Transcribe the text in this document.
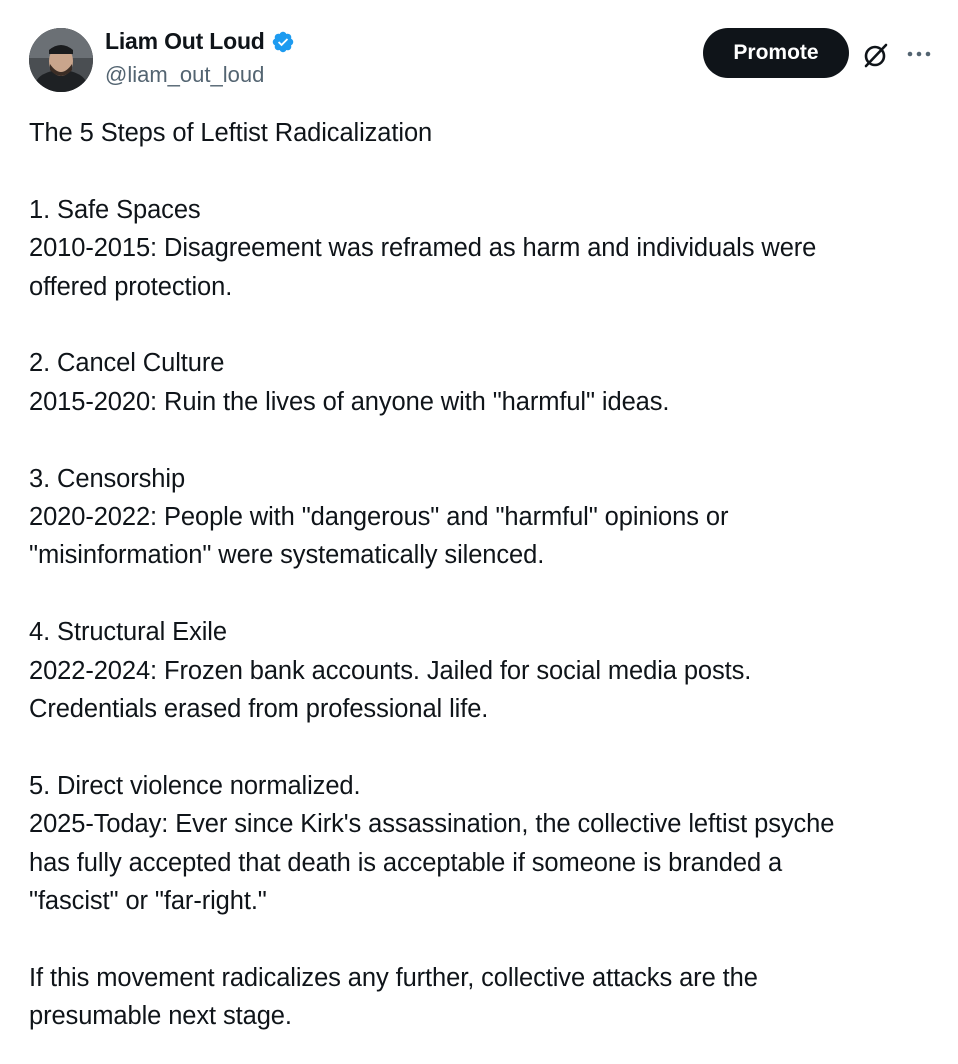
Liam Out Loud
@liam_out_loud
Promote

The 5 Steps of Leftist Radicalization

1. Safe Spaces

2010-2015: Disagreement was reframed as harm and individuals were

offered protection.

2. Cancel Culture

2015-2020: Ruin the lives of anyone with "harmful" ideas.

3. Censorship

2020-2022: People with "dangerous" and "harmful" opinions or

"misinformation" were systematically silenced.

4. Structural Exile

2022-2024: Frozen bank accounts. Jailed for social media posts.

Credentials erased from professional life.

5. Direct violence normalized.

2025-Today: Ever since Kirk's assassination, the collective leftist psyche

has fully accepted that death is acceptable if someone is branded a

"fascist" or "far-right."

If this movement radicalizes any further, collective attacks are the

presumable next stage.
